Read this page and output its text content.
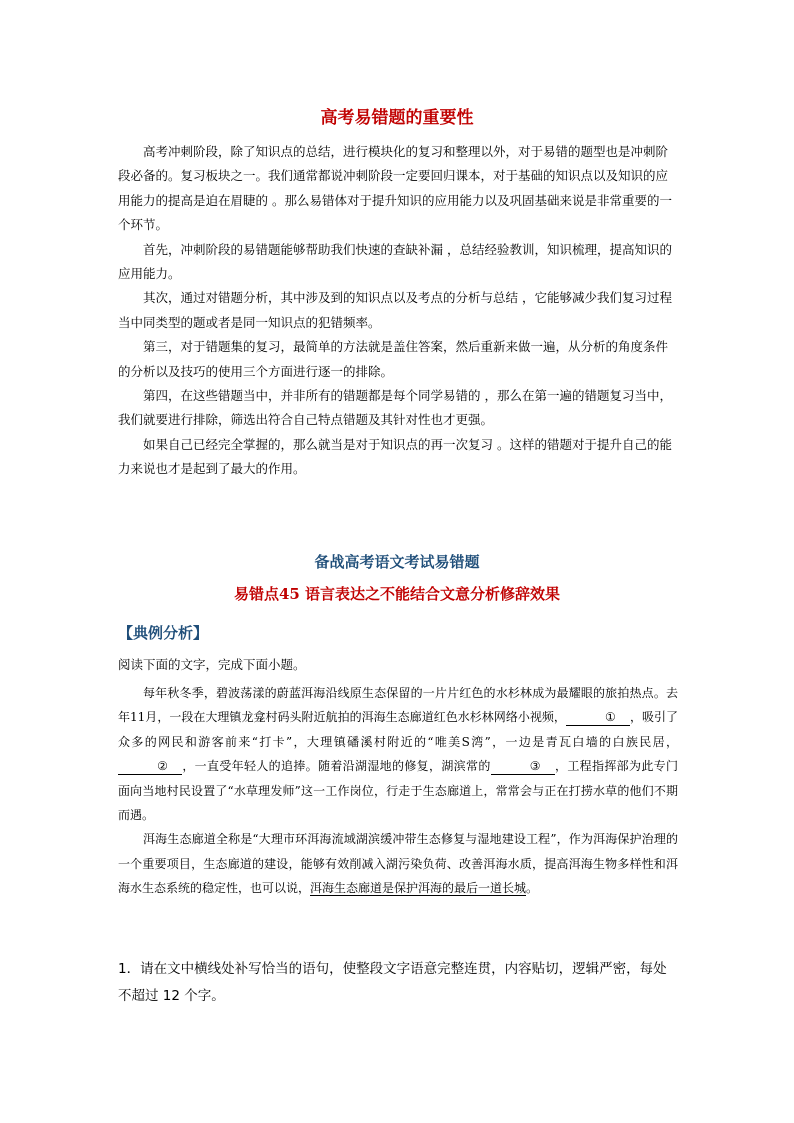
高考易错题的重要性

高考冲刺阶段，除了知识点的总结，进行模块化的复习和整理以外，对于易错的题型也是冲刺阶段必备的。复习板块之一。我们通常都说冲刺阶段一定要回归课本，对于基础的知识点以及知识的应用能力的提高是迫在眉睫的 。那么易错体对于提升知识的应用能力以及巩固基础来说是非常重要的一个环节。

首先，冲刺阶段的易错题能够帮助我们快速的查缺补漏 ，总结经验教训，知识梳理，提高知识的应用能力。

其次，通过对错题分析，其中涉及到的知识点以及考点的分析与总结 ，它能够减少我们复习过程当中同类型的题或者是同一知识点的犯错频率。

第三，对于错题集的复习，最简单的方法就是盖住答案，然后重新来做一遍，从分析的角度条件的分析以及技巧的使用三个方面进行逐一的排除。

第四，在这些错题当中，并非所有的错题都是每个同学易错的 ，那么在第一遍的错题复习当中，我们就要进行排除，筛选出符合自己特点错题及其针对性也才更强。

如果自己已经完全掌握的，那么就当是对于知识点的再一次复习 。这样的错题对于提升自己的能力来说也才是起到了最大的作用。

备战高考语文考试易错题
易错点45 语言表达之不能结合文意分析修辞效果
【典例分析】
阅读下面的文字，完成下面小题。

每年秋冬季，碧波荡漾的蔚蓝洱海沿线原生态保留的一片片红色的水杉林成为最耀眼的旅拍热点。去年11月，一段在大理镇龙龛村码头附近航拍的洱海生态廊道红色水杉林网络小视频，	① ，吸引了众多的网民和游客前来“打卡”，大理镇磻溪村附近的“唯美S湾”，一边是青瓦白墙的白族民居，② ，一直受年轻人的追捧。随着沿湖湿地的修复，湖滨常的	③ ，工程指挥部为此专门面向当地村民设置了“水草理发师”这一工作岗位，行走于生态廊道上，常常会与正在打捞水草的他们不期而遇。

洱海生态廊道全称是“大理市环洱海流域湖滨缓冲带生态修复与湿地建设工程”，作为洱海保护治理的一个重要项目，生态廊道的建设，能够有效削减入湖污染负荷、改善洱海水质，提高洱海生物多样性和洱海水生态系统的稳定性，也可以说，洱海生态廊道是保护洱海的最后一道长城。

1．请在文中横线处补写恰当的语句，使整段文字语意完整连贯，内容贴切，逻辑严密，每处不超过 12 个字。
